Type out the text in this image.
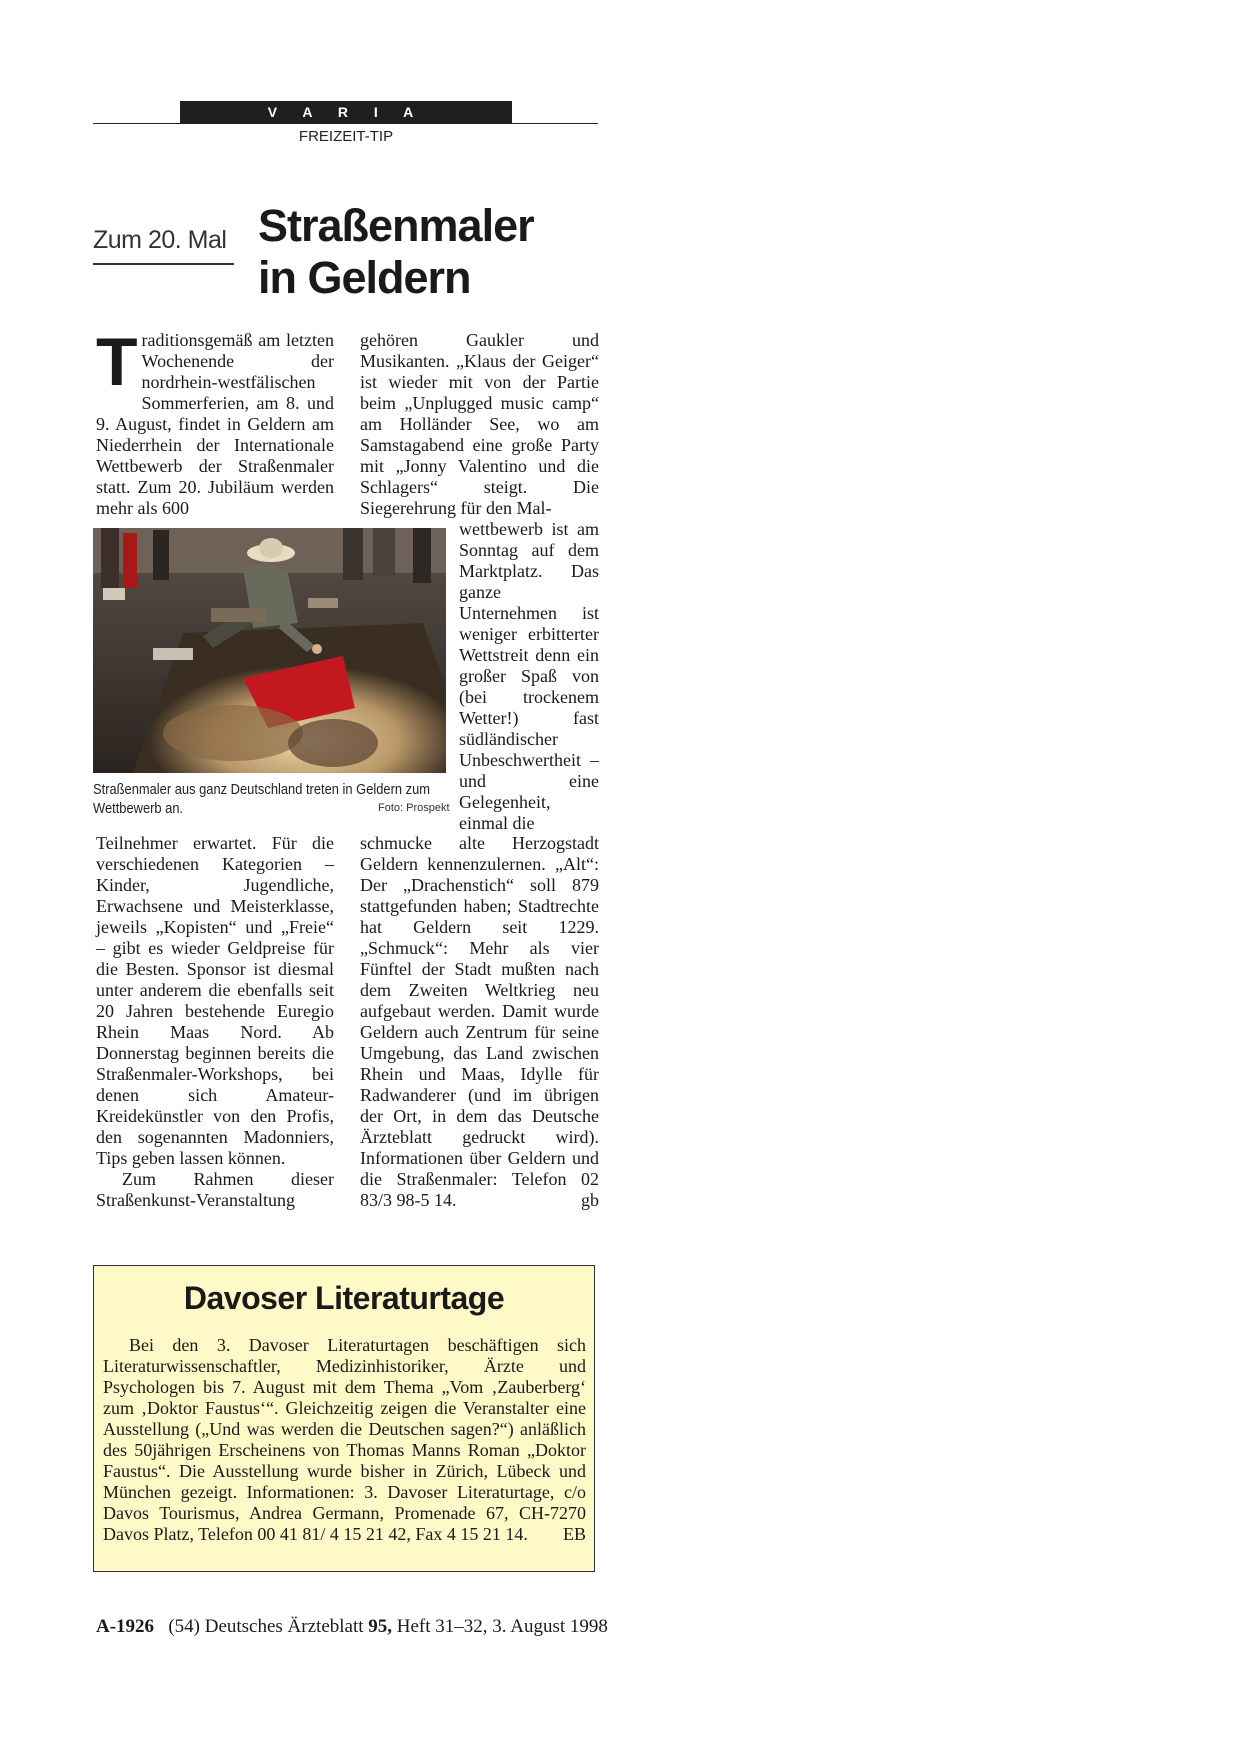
V A R I A
FREIZEIT-TIP
Zum 20. Mal Straßenmaler
in Geldern
T raditionsgemäß am letzten Wochenende der nordrhein-westfälischen Sommerferien, am 8. und 9. August, findet in Geldern am Niederrhein der Internationale Wettbewerb der Straßenmaler statt. Zum 20. Jubiläum werden mehr als 600
Straßenmaler aus ganz Deutschland treten in Geldern zum Wettbewerb an.	Foto: Prospekt

Teilnehmer erwartet. Für die verschiedenen Kategorien – Kinder, Jugendliche, Erwachsene und Meisterklasse, jeweils „Kopisten“ und „Freie“ – gibt es wieder Geldpreise für die Besten. Sponsor ist diesmal unter anderem die ebenfalls seit 20 Jahren bestehende Euregio Rhein Maas Nord. Ab Donnerstag beginnen bereits die Straßenmaler-Workshops, bei denen sich Amateur-Kreidekünstler von den Profis, den sogenannten Madonniers, Tips geben lassen können.

Zum Rahmen dieser Straßenkunst-Veranstaltung

gehören Gaukler und Musikanten. „Klaus der Geiger“ ist wieder mit von der Partie beim „Unplugged music camp“ am Holländer See, wo am Samstagabend eine große Party mit „Jonny Valentino und die Schlagers“ steigt. Die Siegerehrung für den Mal-

wettbewerb ist am Sonntag auf dem Marktplatz. Das ganze Unternehmen ist weniger erbitterter Wettstreit denn ein großer Spaß von (bei trockenem Wetter!) fast südländischer Unbeschwertheit – und eine Gelegenheit, einmal die

schmucke alte Herzogstadt Geldern kennenzulernen. „Alt“: Der „Drachenstich“ soll 879 stattgefunden haben; Stadtrechte hat Geldern seit 1229. „Schmuck“: Mehr als vier Fünftel der Stadt mußten nach dem Zweiten Weltkrieg neu aufgebaut werden. Damit wurde Geldern auch Zentrum für seine Umgebung, das Land zwischen Rhein und Maas, Idylle für Radwanderer (und im übrigen der Ort, in dem das Deutsche Ärzteblatt gedruckt wird). Informationen über Geldern und die Straßenmaler: Telefon 02 83/3 98-5 14.	gb

Davoser Literaturtage

Bei den 3. Davoser Literaturtagen beschäftigen sich Literaturwissenschaftler, Medizinhistoriker, Ärzte und Psychologen bis 7. August mit dem Thema „Vom ‚Zauberberg‘ zum ‚Doktor Faustus‘“. Gleichzeitig zeigen die Veranstalter eine Ausstellung („Und was werden die Deutschen sagen?“) anläßlich des 50jährigen Erscheinens von Thomas Manns Roman „Doktor Faustus“. Die Ausstellung wurde bisher in Zürich, Lübeck und München gezeigt. Informationen: 3. Davoser Literaturtage, c/o Davos Tourismus, Andrea Germann, Promenade 67, CH-7270 Davos Platz, Telefon 00 41 81/ 4 15 21 42, Fax 4 15 21 14.	EB

A-1926 (54) Deutsches Ärzteblatt 95, Heft 31–32, 3. August 1998
